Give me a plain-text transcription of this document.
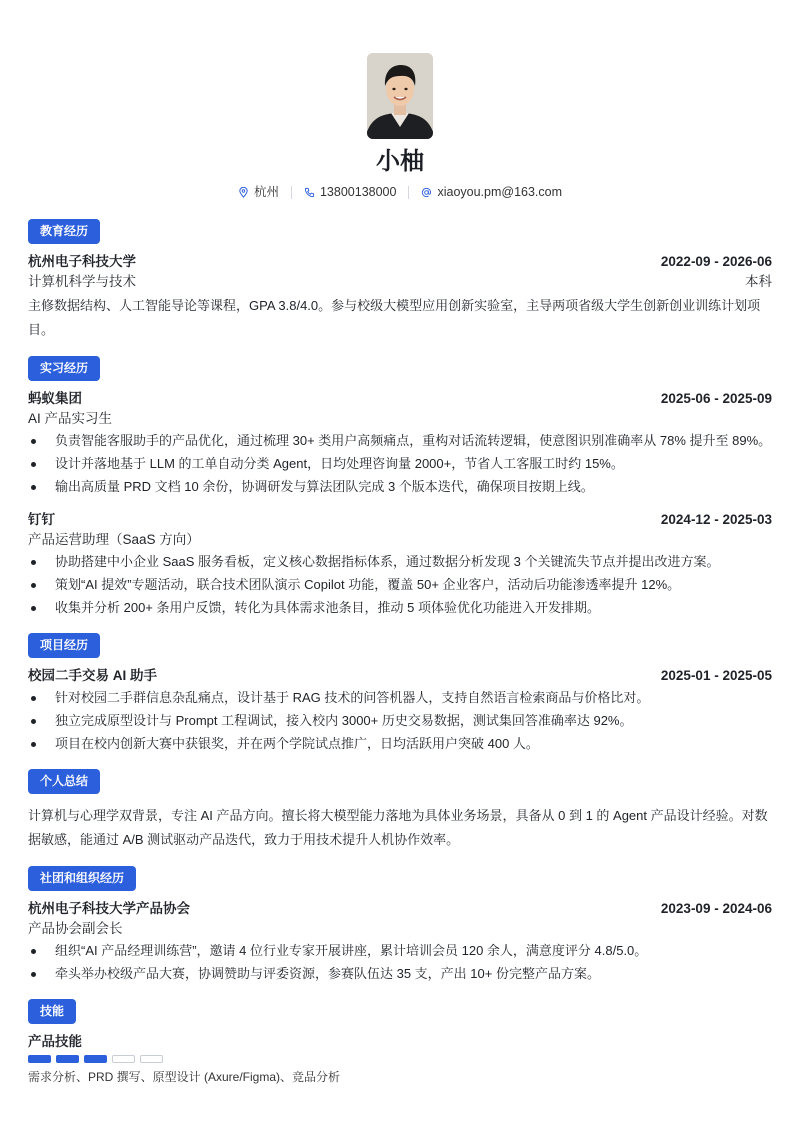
小柚
杭州	13800138000	xiaoyou.pm@163.com
教育经历
杭州电子科技大学	2022-09 - 2026-06
计算机科学与技术	本科
主修数据结构、人工智能导论等课程，GPA 3.8/4.0。参与校级大模型应用创新实验室，主导两项省级大学生创新创业训练计划项目。
实习经历
蚂蚁集团	2025-06 - 2025-09
AI 产品实习生
负责智能客服助手的产品优化，通过梳理 30+ 类用户高频痛点，重构对话流转逻辑，使意图识别准确率从 78% 提升至 89%。
设计并落地基于 LLM 的工单自动分类 Agent，日均处理咨询量 2000+，节省人工客服工时约 15%。
输出高质量 PRD 文档 10 余份，协调研发与算法团队完成 3 个版本迭代，确保项目按期上线。
钉钉	2024-12 - 2025-03
产品运营助理（SaaS 方向）
协助搭建中小企业 SaaS 服务看板，定义核心数据指标体系，通过数据分析发现 3 个关键流失节点并提出改进方案。
策划“AI 提效”专题活动，联合技术团队演示 Copilot 功能，覆盖 50+ 企业客户，活动后功能渗透率提升 12%。
收集并分析 200+ 条用户反馈，转化为具体需求池条目，推动 5 项体验优化功能进入开发排期。
项目经历
校园二手交易 AI 助手	2025-01 - 2025-05
针对校园二手群信息杂乱痛点，设计基于 RAG 技术的问答机器人，支持自然语言检索商品与价格比对。
独立完成原型设计与 Prompt 工程调试，接入校内 3000+ 历史交易数据，测试集回答准确率达 92%。
项目在校内创新大赛中获银奖，并在两个学院试点推广，日均活跃用户突破 400 人。
个人总结
计算机与心理学双背景，专注 AI 产品方向。擅长将大模型能力落地为具体业务场景，具备从 0 到 1 的 Agent 产品设计经验。对数据敏感，能通过 A/B 测试驱动产品迭代，致力于用技术提升人机协作效率。
社团和组织经历
杭州电子科技大学产品协会	2023-09 - 2024-06
产品协会副会长
组织“AI 产品经理训练营”，邀请 4 位行业专家开展讲座，累计培训会员 120 余人，满意度评分 4.8/5.0。
牵头举办校级产品大赛，协调赞助与评委资源，参赛队伍达 35 支，产出 10+ 份完整产品方案。
技能
产品技能
需求分析、PRD 撰写、原型设计 (Axure/Figma)、竞品分析
